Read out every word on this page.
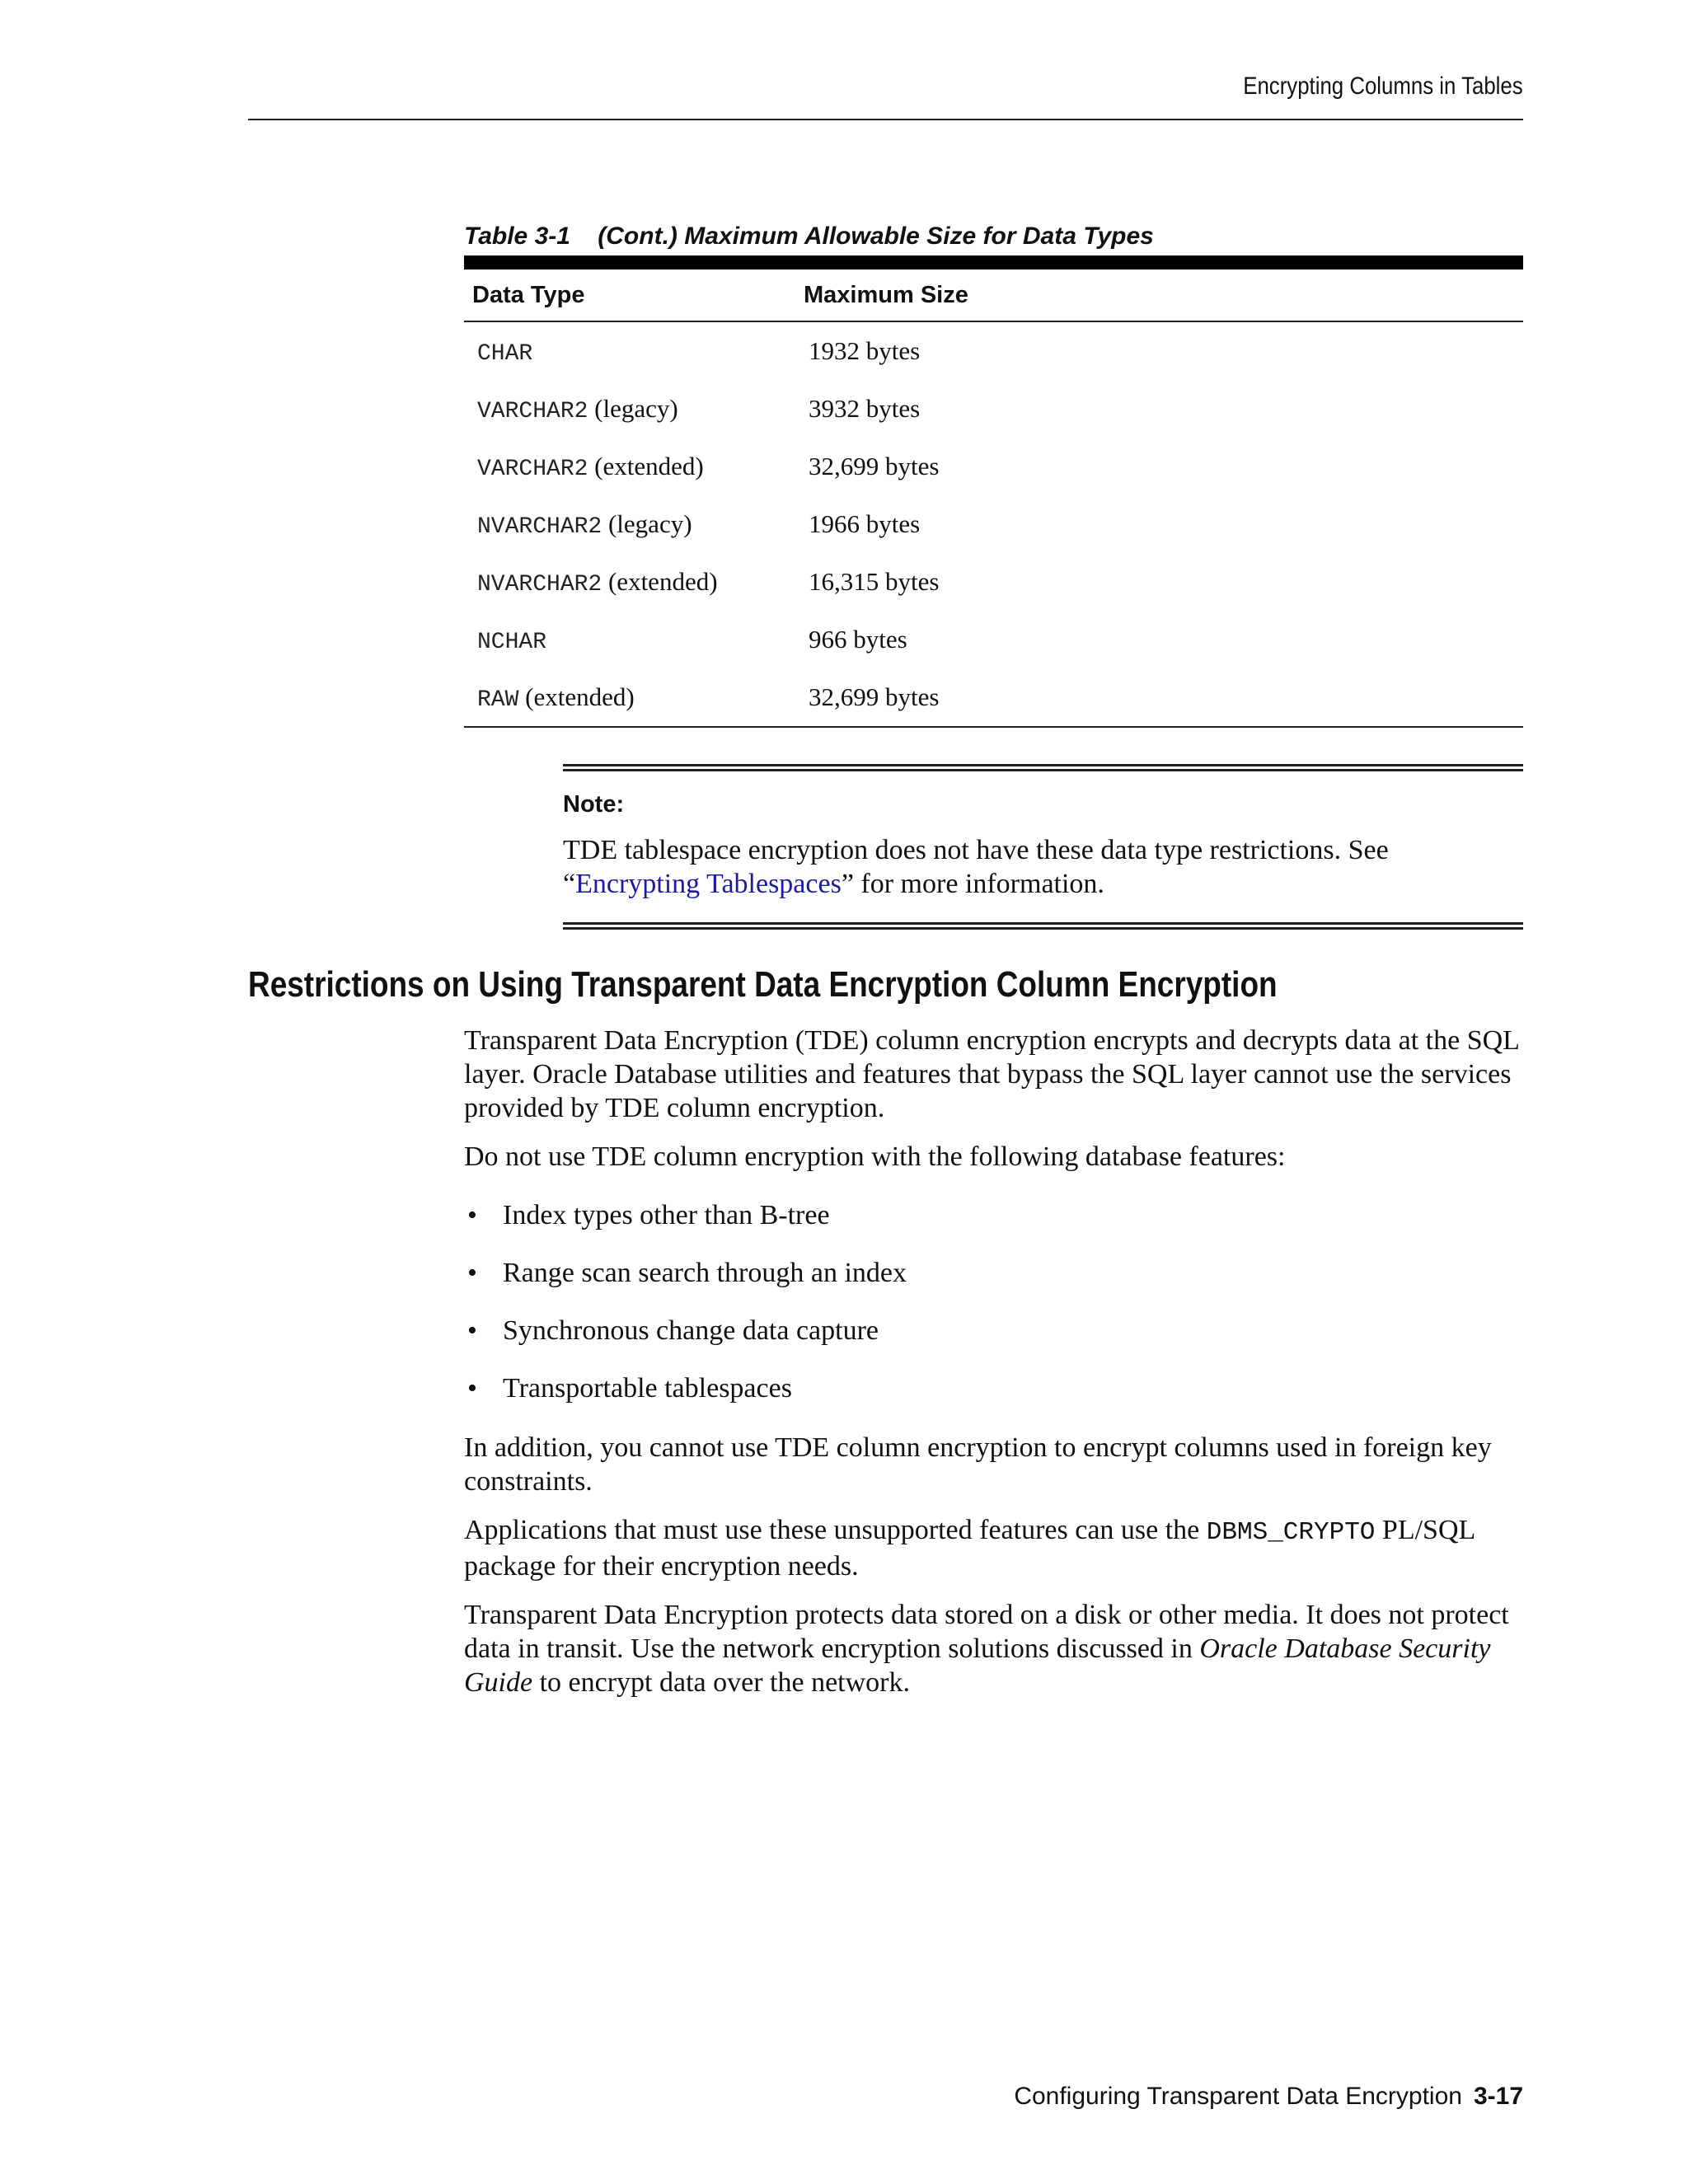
Encrypting Columns in Tables
Table 3-1    (Cont.) Maximum Allowable Size for Data Types
Data Type	Maximum Size
CHAR	1932 bytes
VARCHAR2 (legacy)	3932 bytes
VARCHAR2 (extended)	32,699 bytes
NVARCHAR2 (legacy)	1966 bytes
NVARCHAR2 (extended)	16,315 bytes
NCHAR	966 bytes
RAW (extended)	32,699 bytes
Note:
TDE tablespace encryption does not have these data type restrictions. See “Encrypting Tablespaces” for more information.
Restrictions on Using Transparent Data Encryption Column Encryption

Transparent Data Encryption (TDE) column encryption encrypts and decrypts data at the SQL layer. Oracle Database utilities and features that bypass the SQL layer cannot use the services provided by TDE column encryption.

Do not use TDE column encryption with the following database features:

• Index types other than B-tree
• Range scan search through an index
• Synchronous change data capture
• Transportable tablespaces

In addition, you cannot use TDE column encryption to encrypt columns used in foreign key constraints.

Applications that must use these unsupported features can use the DBMS_CRYPTO PL/SQL package for their encryption needs.

Transparent Data Encryption protects data stored on a disk or other media. It does not protect data in transit. Use the network encryption solutions discussed in Oracle Database Security Guide to encrypt data over the network.

Configuring Transparent Data Encryption 3-17
